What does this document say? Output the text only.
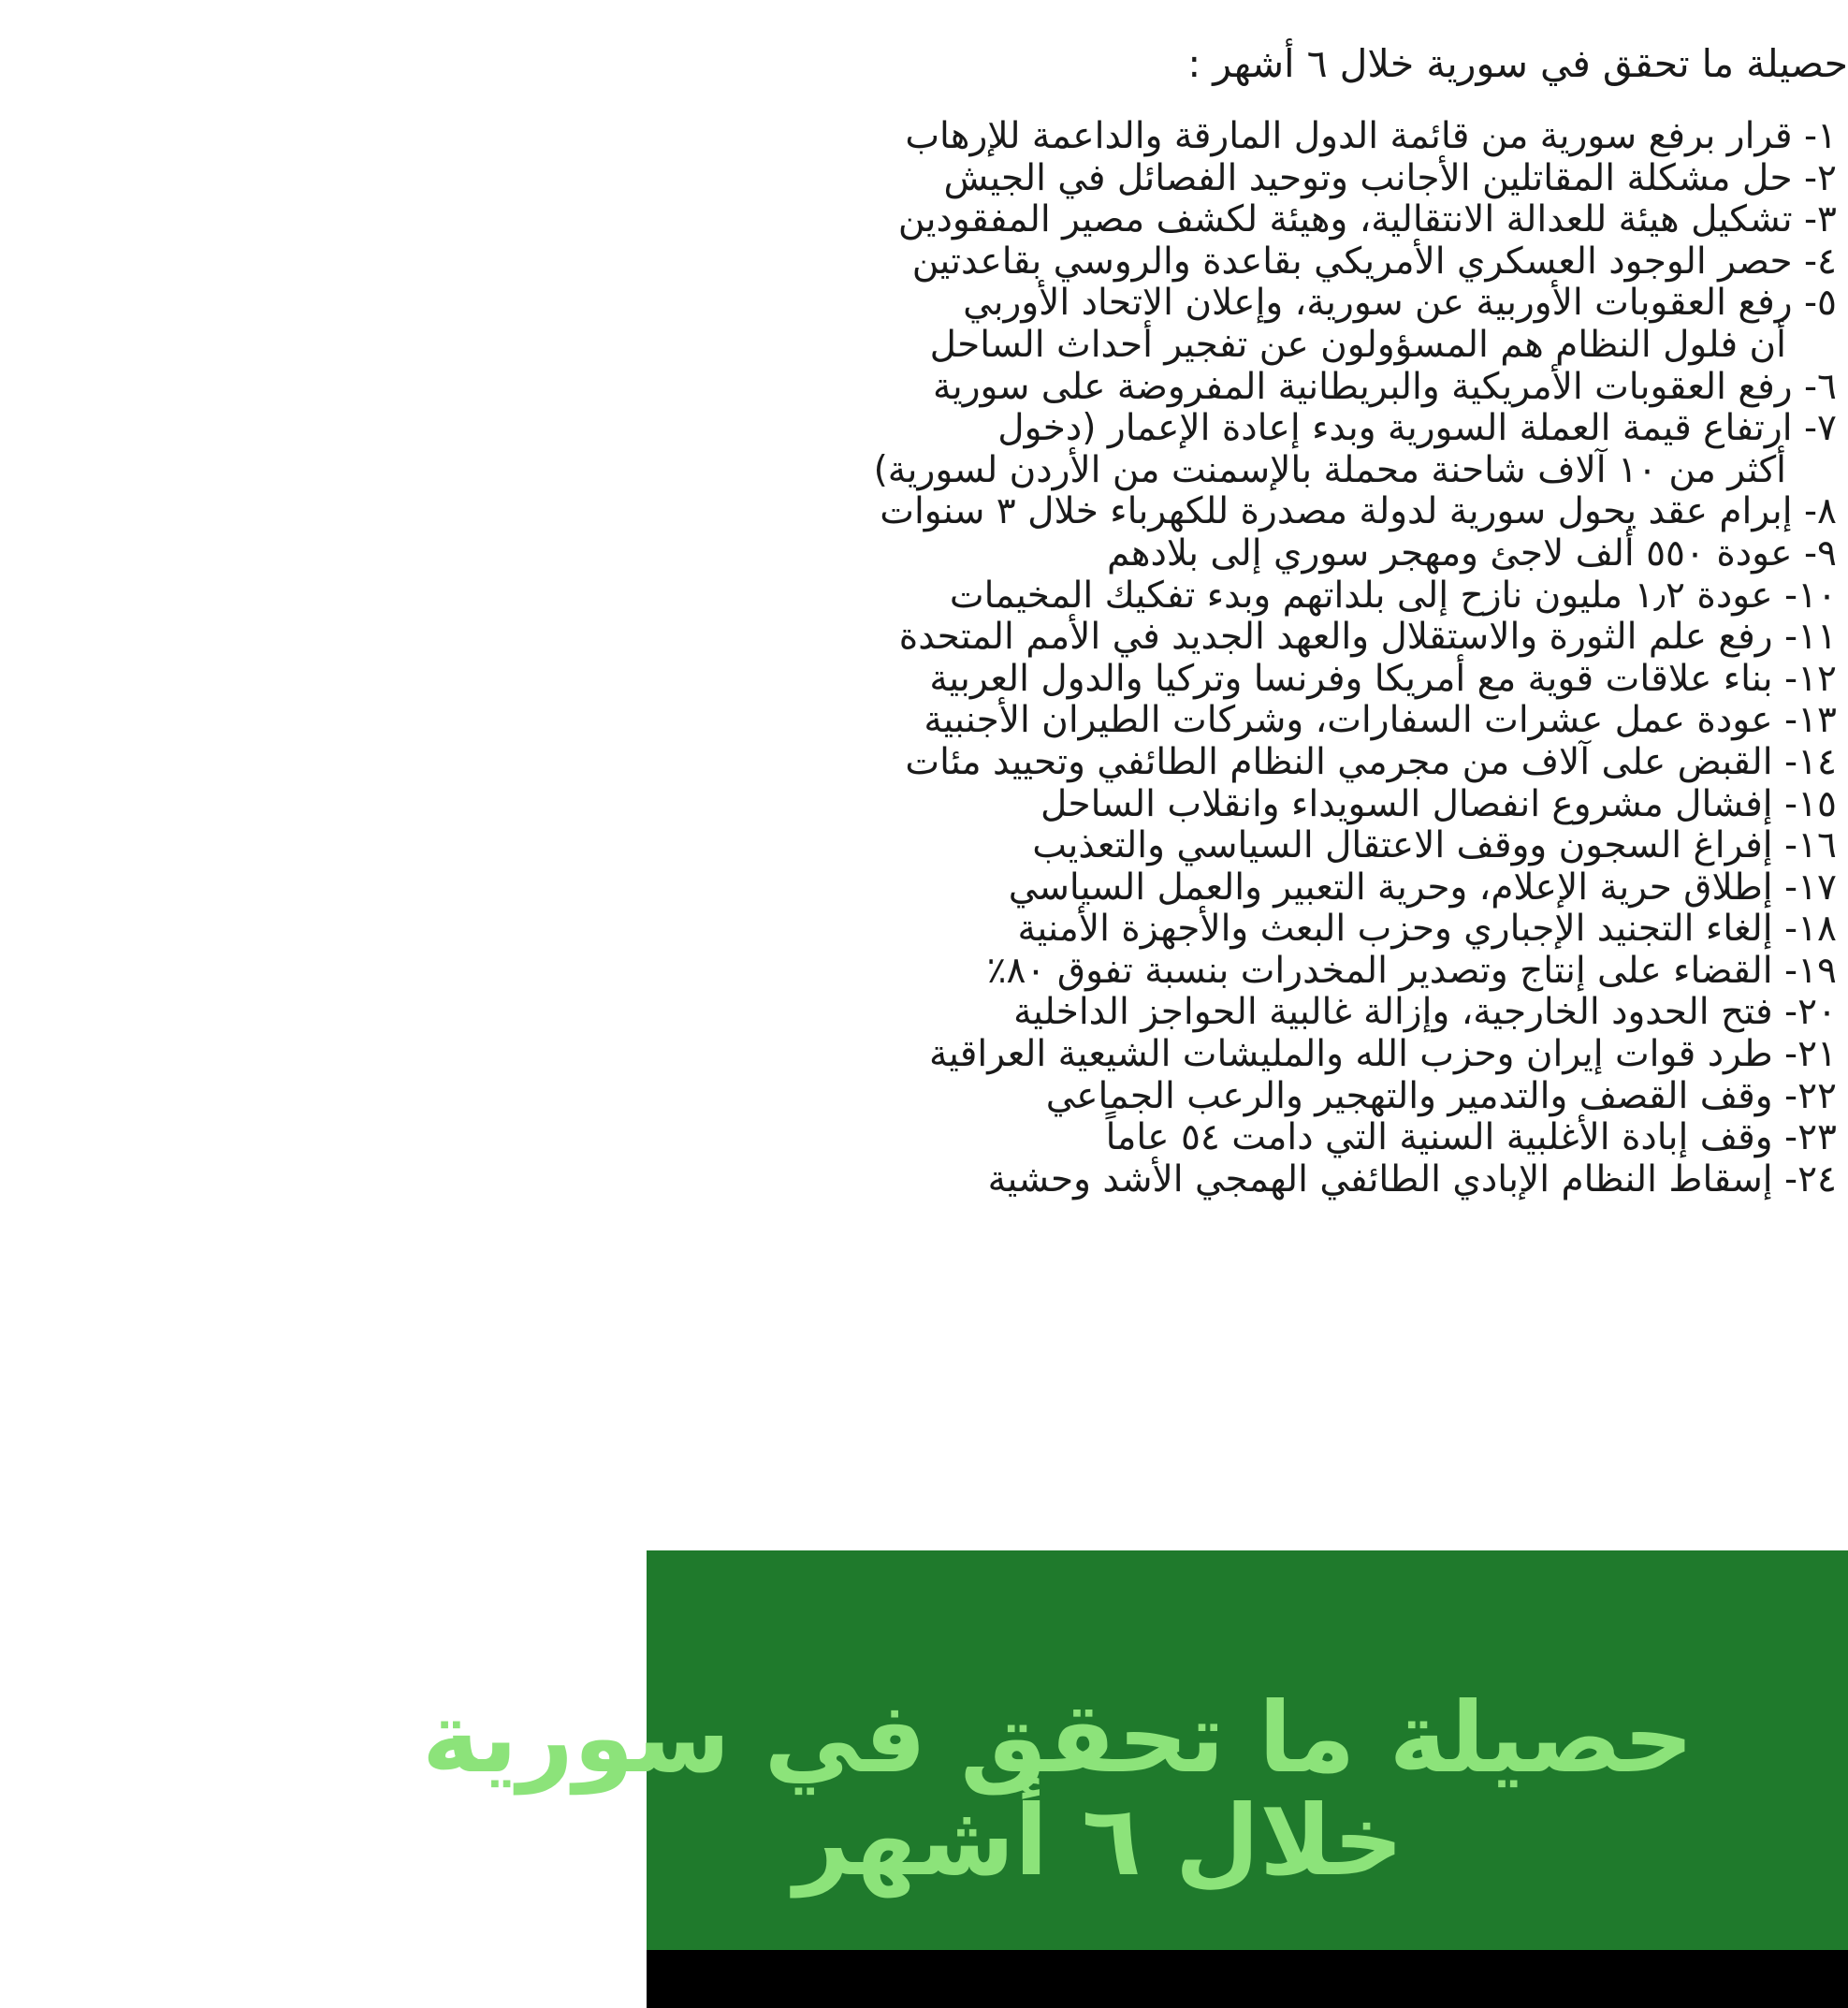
حصيلة ما تحقق في سورية خلال ٦ أشهر :
١- قرار برفع سورية من قائمة الدول المارقة والداعمة للإرهاب
٢- حل مشكلة المقاتلين الأجانب وتوحيد الفصائل في الجيش
٣- تشكيل هيئة للعدالة الانتقالية، وهيئة لكشف مصير المفقودين
٤- حصر الوجود العسكري الأمريكي بقاعدة والروسي بقاعدتين
٥- رفع العقوبات الأوربية عن سورية، وإعلان الاتحاد الأوربي
أن فلول النظام هم المسؤولون عن تفجير أحداث الساحل
٦- رفع العقوبات الأمريكية والبريطانية المفروضة على سورية
٧- ارتفاع قيمة العملة السورية وبدء إعادة الإعمار (دخول
أكثر من ١٠ آلاف شاحنة محملة بالإسمنت من الأردن لسورية)
٨- إبرام عقد يحول سورية لدولة مصدرة للكهرباء خلال ٣ سنوات
٩- عودة ٥٥٠ ألف لاجئ ومهجر سوري إلى بلادهم
١٠- عودة ١٫٢ مليون نازح إلى بلداتهم وبدء تفكيك المخيمات
١١- رفع علم الثورة والاستقلال والعهد الجديد في الأمم المتحدة
١٢- بناء علاقات قوية مع أمريكا وفرنسا وتركيا والدول العربية
١٣- عودة عمل عشرات السفارات، وشركات الطيران الأجنبية
١٤- القبض على آلاف من مجرمي النظام الطائفي وتحييد مئات
١٥- إفشال مشروع انفصال السويداء وانقلاب الساحل
١٦- إفراغ السجون ووقف الاعتقال السياسي والتعذيب
١٧- إطلاق حرية الإعلام، وحرية التعبير والعمل السياسي
١٨- إلغاء التجنيد الإجباري وحزب البعث والأجهزة الأمنية
١٩- القضاء على إنتاج وتصدير المخدرات بنسبة تفوق ٨٠٪
٢٠- فتح الحدود الخارجية، وإزالة غالبية الحواجز الداخلية
٢١- طرد قوات إيران وحزب الله والمليشات الشيعية العراقية
٢٢- وقف القصف والتدمير والتهجير والرعب الجماعي
٢٣- وقف إبادة الأغلبية السنية التي دامت ٥٤ عاماً
٢٤- إسقاط النظام الإبادي الطائفي الهمجي الأشد وحشية

حصيلة ما تحقق في سورية

خلال ٦ أشهر
